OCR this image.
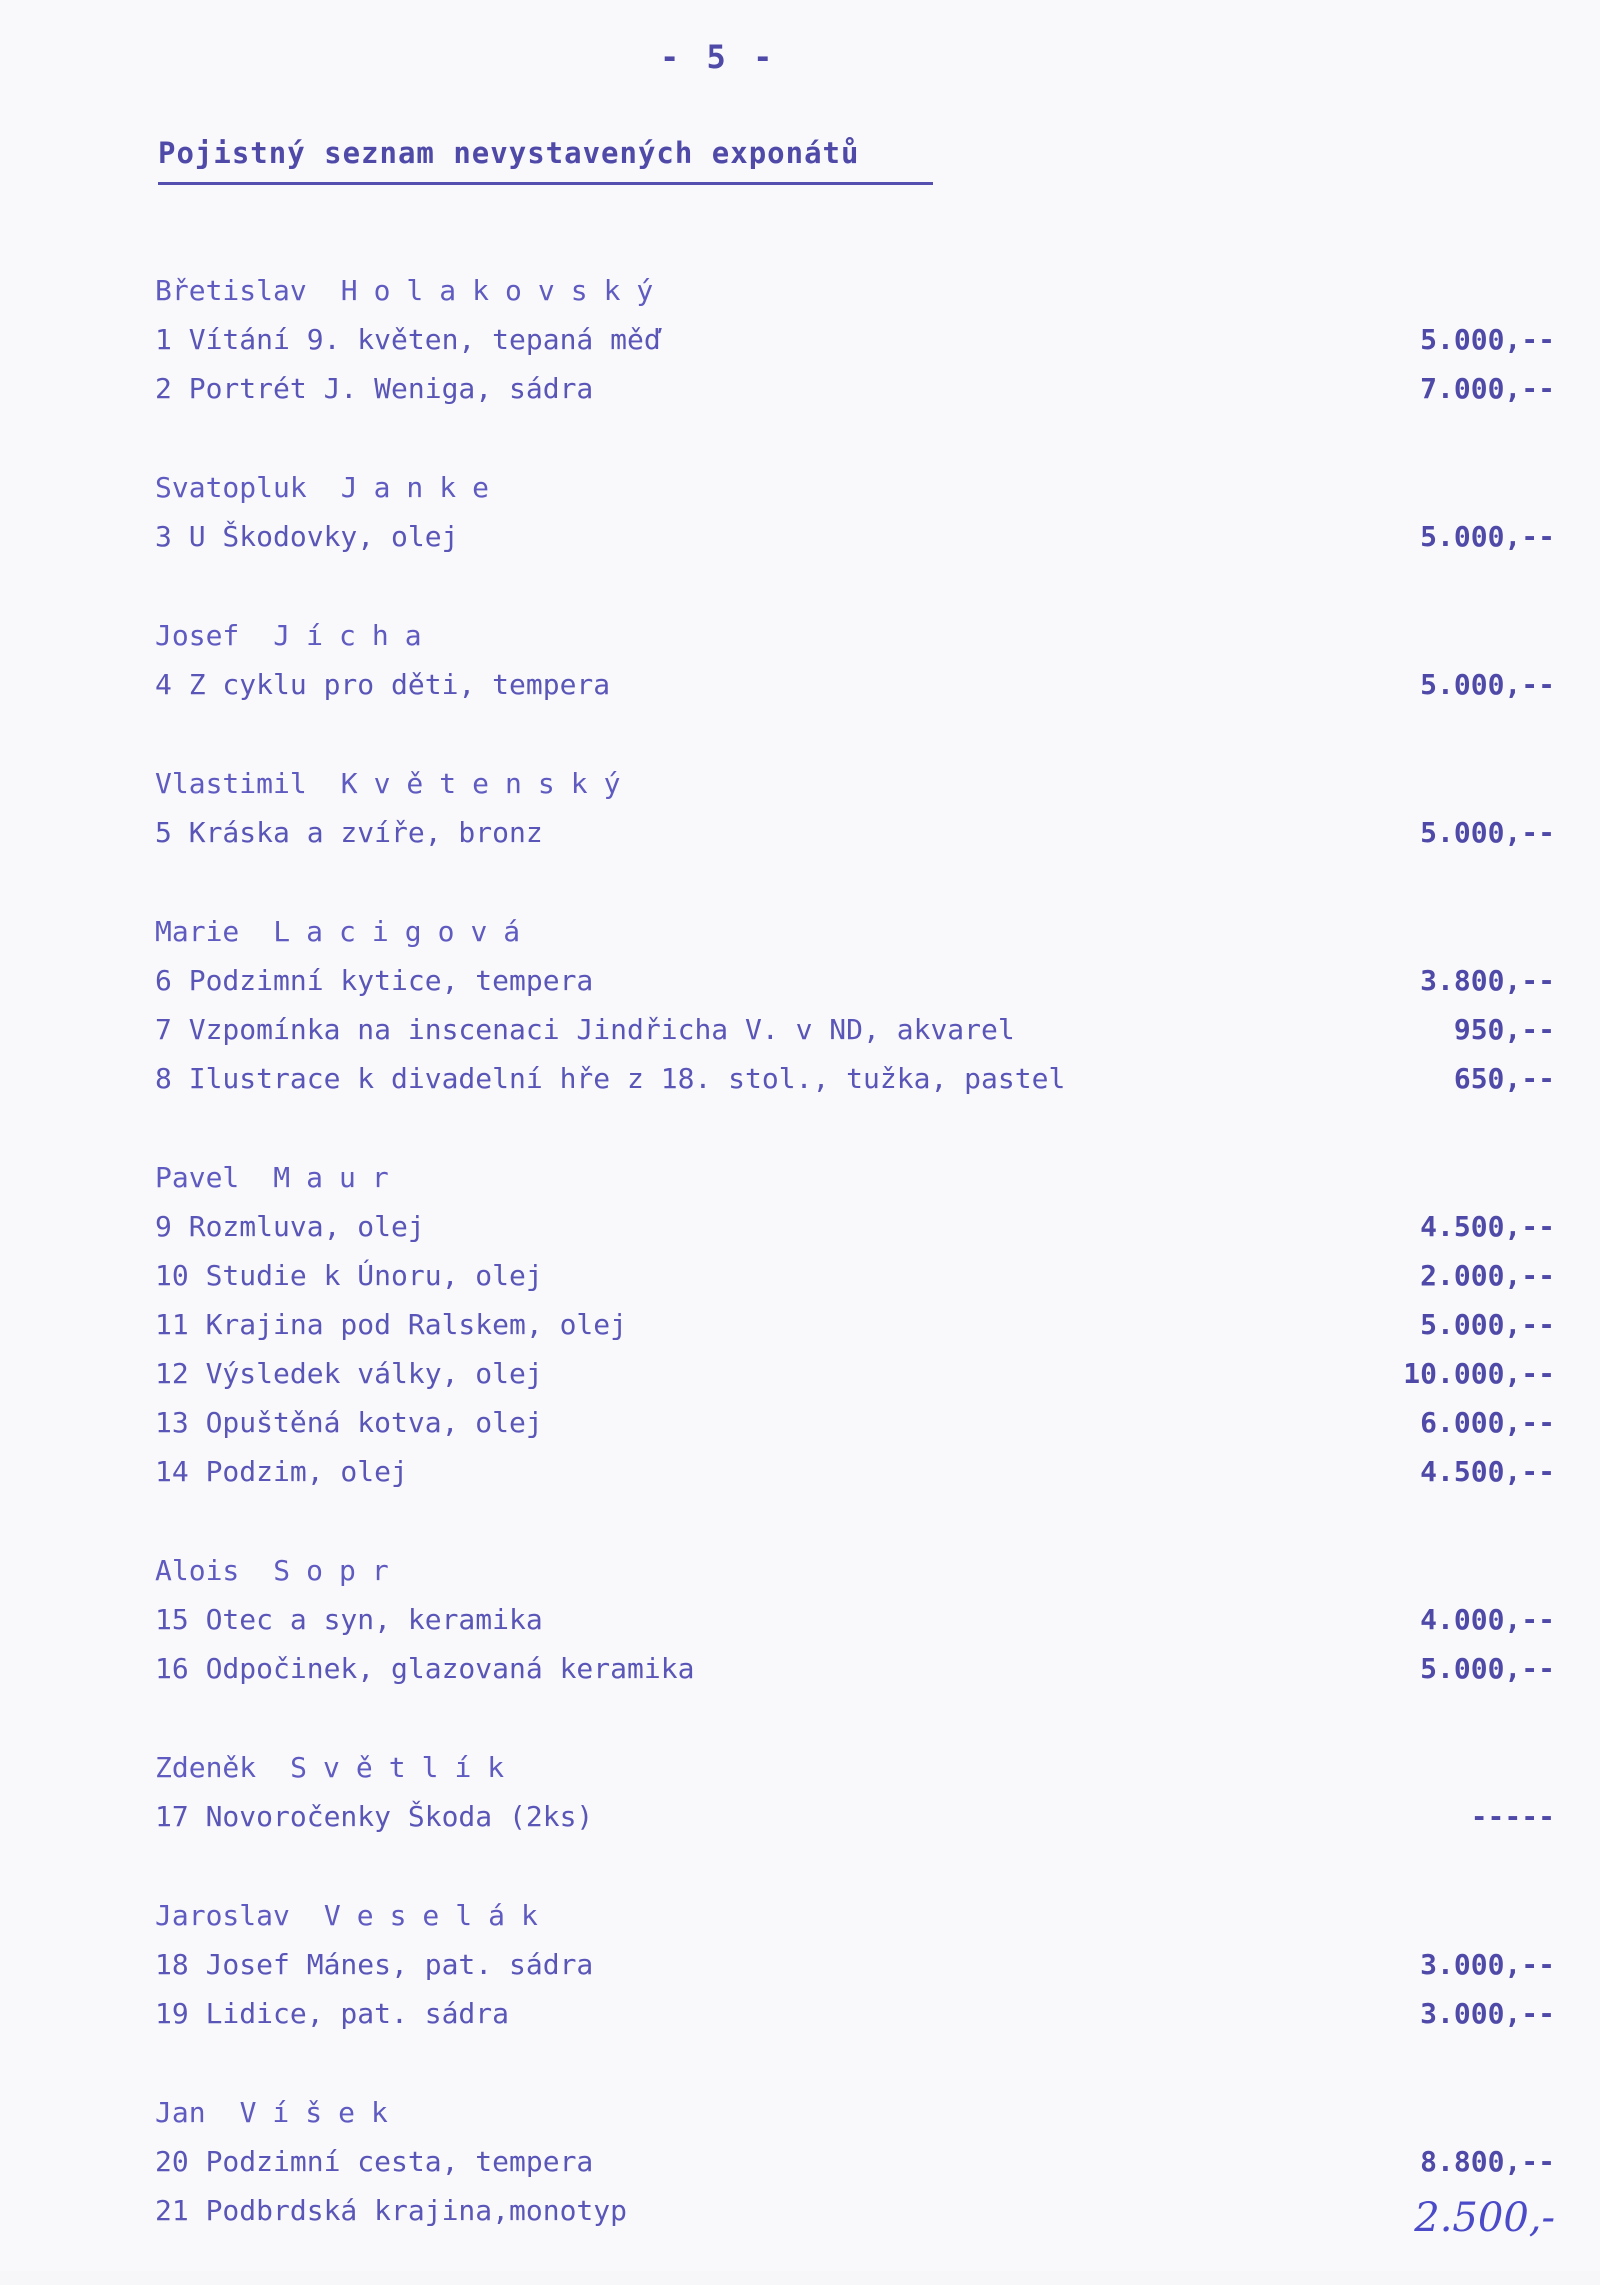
- 5 -
Pojistný seznam nevystavených exponátů
Břetislav Holakovský
1 Vítání 9. květen, tepaná měď	5.000,--
2 Portrét J. Weniga, sádra	7.000,--
Svatopluk Janke
3 U Škodovky, olej	5.000,--
Josef Jícha
4 Z cyklu pro děti, tempera	5.000,--
Vlastimil Květenský
5 Kráska a zvíře, bronz	5.000,--
Marie Lacigová
6 Podzimní kytice, tempera	3.800,--
7 Vzpomínka na inscenaci Jindřicha V. v ND, akvarel	950,--
8 Ilustrace k divadelní hře z 18. stol., tužka, pastel	650,--
Pavel Maur
9 Rozmluva, olej	4.500,--
10 Studie k Únoru, olej	2.000,--
11 Krajina pod Ralskem, olej	5.000,--
12 Výsledek války, olej	10.000,--
13 Opuštěná kotva, olej	6.000,--
14 Podzim, olej	4.500,--
Alois Sopr
15 Otec a syn, keramika	4.000,--
16 Odpočinek, glazovaná keramika	5.000,--
Zdeněk Světlík
17 Novoročenky Škoda (2ks)	-----
Jaroslav Veselák
18 Josef Mánes, pat. sádra	3.000,--
19 Lidice, pat. sádra	3.000,--
Jan Víšek
20 Podzimní cesta, tempera	8.800,--
21 Podbrdská krajina,monotyp	2.500,-
